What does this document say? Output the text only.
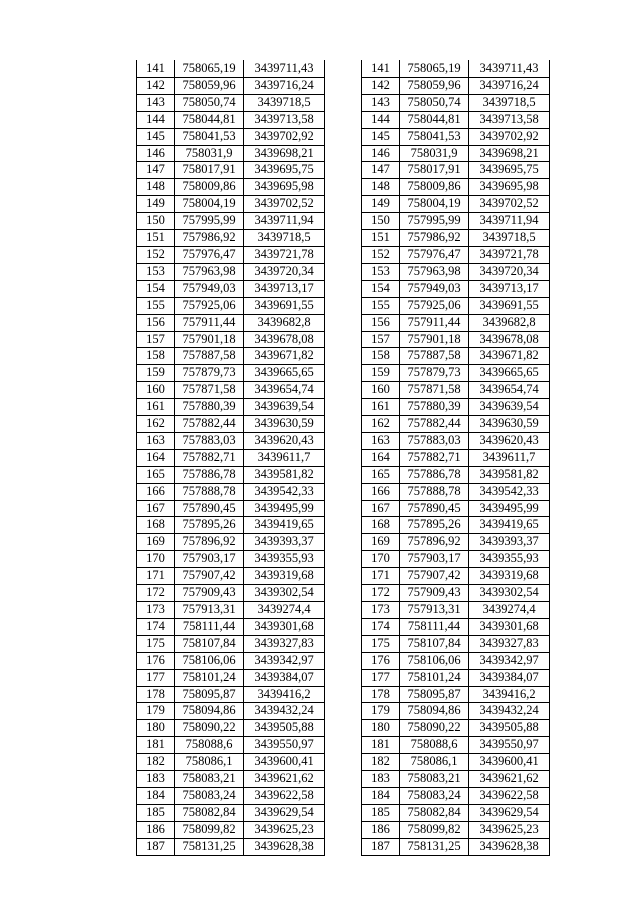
141	758065,19	3439711,43
142	758059,96	3439716,24
143	758050,74	3439718,5
144	758044,81	3439713,58
145	758041,53	3439702,92
146	758031,9	3439698,21
147	758017,91	3439695,75
148	758009,86	3439695,98
149	758004,19	3439702,52
150	757995,99	3439711,94
151	757986,92	3439718,5
152	757976,47	3439721,78
153	757963,98	3439720,34
154	757949,03	3439713,17
155	757925,06	3439691,55
156	757911,44	3439682,8
157	757901,18	3439678,08
158	757887,58	3439671,82
159	757879,73	3439665,65
160	757871,58	3439654,74
161	757880,39	3439639,54
162	757882,44	3439630,59
163	757883,03	3439620,43
164	757882,71	3439611,7
165	757886,78	3439581,82
166	757888,78	3439542,33
167	757890,45	3439495,99
168	757895,26	3439419,65
169	757896,92	3439393,37
170	757903,17	3439355,93
171	757907,42	3439319,68
172	757909,43	3439302,54
173	757913,31	3439274,4
174	758111,44	3439301,68
175	758107,84	3439327,83
176	758106,06	3439342,97
177	758101,24	3439384,07
178	758095,87	3439416,2
179	758094,86	3439432,24
180	758090,22	3439505,88
181	758088,6	3439550,97
182	758086,1	3439600,41
183	758083,21	3439621,62
184	758083,24	3439622,58
185	758082,84	3439629,54
186	758099,82	3439625,23
187	758131,25	3439628,38
141	758065,19	3439711,43
142	758059,96	3439716,24
143	758050,74	3439718,5
144	758044,81	3439713,58
145	758041,53	3439702,92
146	758031,9	3439698,21
147	758017,91	3439695,75
148	758009,86	3439695,98
149	758004,19	3439702,52
150	757995,99	3439711,94
151	757986,92	3439718,5
152	757976,47	3439721,78
153	757963,98	3439720,34
154	757949,03	3439713,17
155	757925,06	3439691,55
156	757911,44	3439682,8
157	757901,18	3439678,08
158	757887,58	3439671,82
159	757879,73	3439665,65
160	757871,58	3439654,74
161	757880,39	3439639,54
162	757882,44	3439630,59
163	757883,03	3439620,43
164	757882,71	3439611,7
165	757886,78	3439581,82
166	757888,78	3439542,33
167	757890,45	3439495,99
168	757895,26	3439419,65
169	757896,92	3439393,37
170	757903,17	3439355,93
171	757907,42	3439319,68
172	757909,43	3439302,54
173	757913,31	3439274,4
174	758111,44	3439301,68
175	758107,84	3439327,83
176	758106,06	3439342,97
177	758101,24	3439384,07
178	758095,87	3439416,2
179	758094,86	3439432,24
180	758090,22	3439505,88
181	758088,6	3439550,97
182	758086,1	3439600,41
183	758083,21	3439621,62
184	758083,24	3439622,58
185	758082,84	3439629,54
186	758099,82	3439625,23
187	758131,25	3439628,38
